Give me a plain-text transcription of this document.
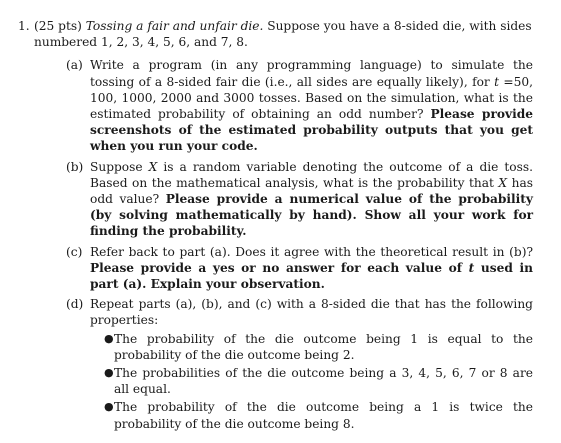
1. (25 pts) Tossing a fair and unfair die. Suppose you have a 8-sided die, with sides numbered 1, 2, 3, 4, 5, 6, and 7, 8.
(a) Write a program (in any programming language) to simulate the tossing of a 8-sided fair die (i.e., all sides are equally likely), for t =50, 100, 1000, 2000 and 3000 tosses. Based on the simulation, what is the estimated probability of obtaining an odd number? Please provide screenshots of the estimated probability outputs that you get when you run your code.
(b) Suppose X is a random variable denoting the outcome of a die toss. Based on the mathematical analysis, what is the probability that X has odd value? Please provide a numerical value of the probability (by solving mathematically by hand). Show all your work for finding the probability.
(c) Refer back to part (a). Does it agree with the theoretical result in (b)? Please provide a yes or no answer for each value of t used in part (a). Explain your observation.
(d) Repeat parts (a), (b), and (c) with a 8-sided die that has the following properties:
● The probability of the die outcome being 1 is equal to the probability of the die outcome being 2.
● The probabilities of the die outcome being a 3, 4, 5, 6, 7 or 8 are all equal.
● The probability of the die outcome being a 1 is twice the probability of the die outcome being 8.
